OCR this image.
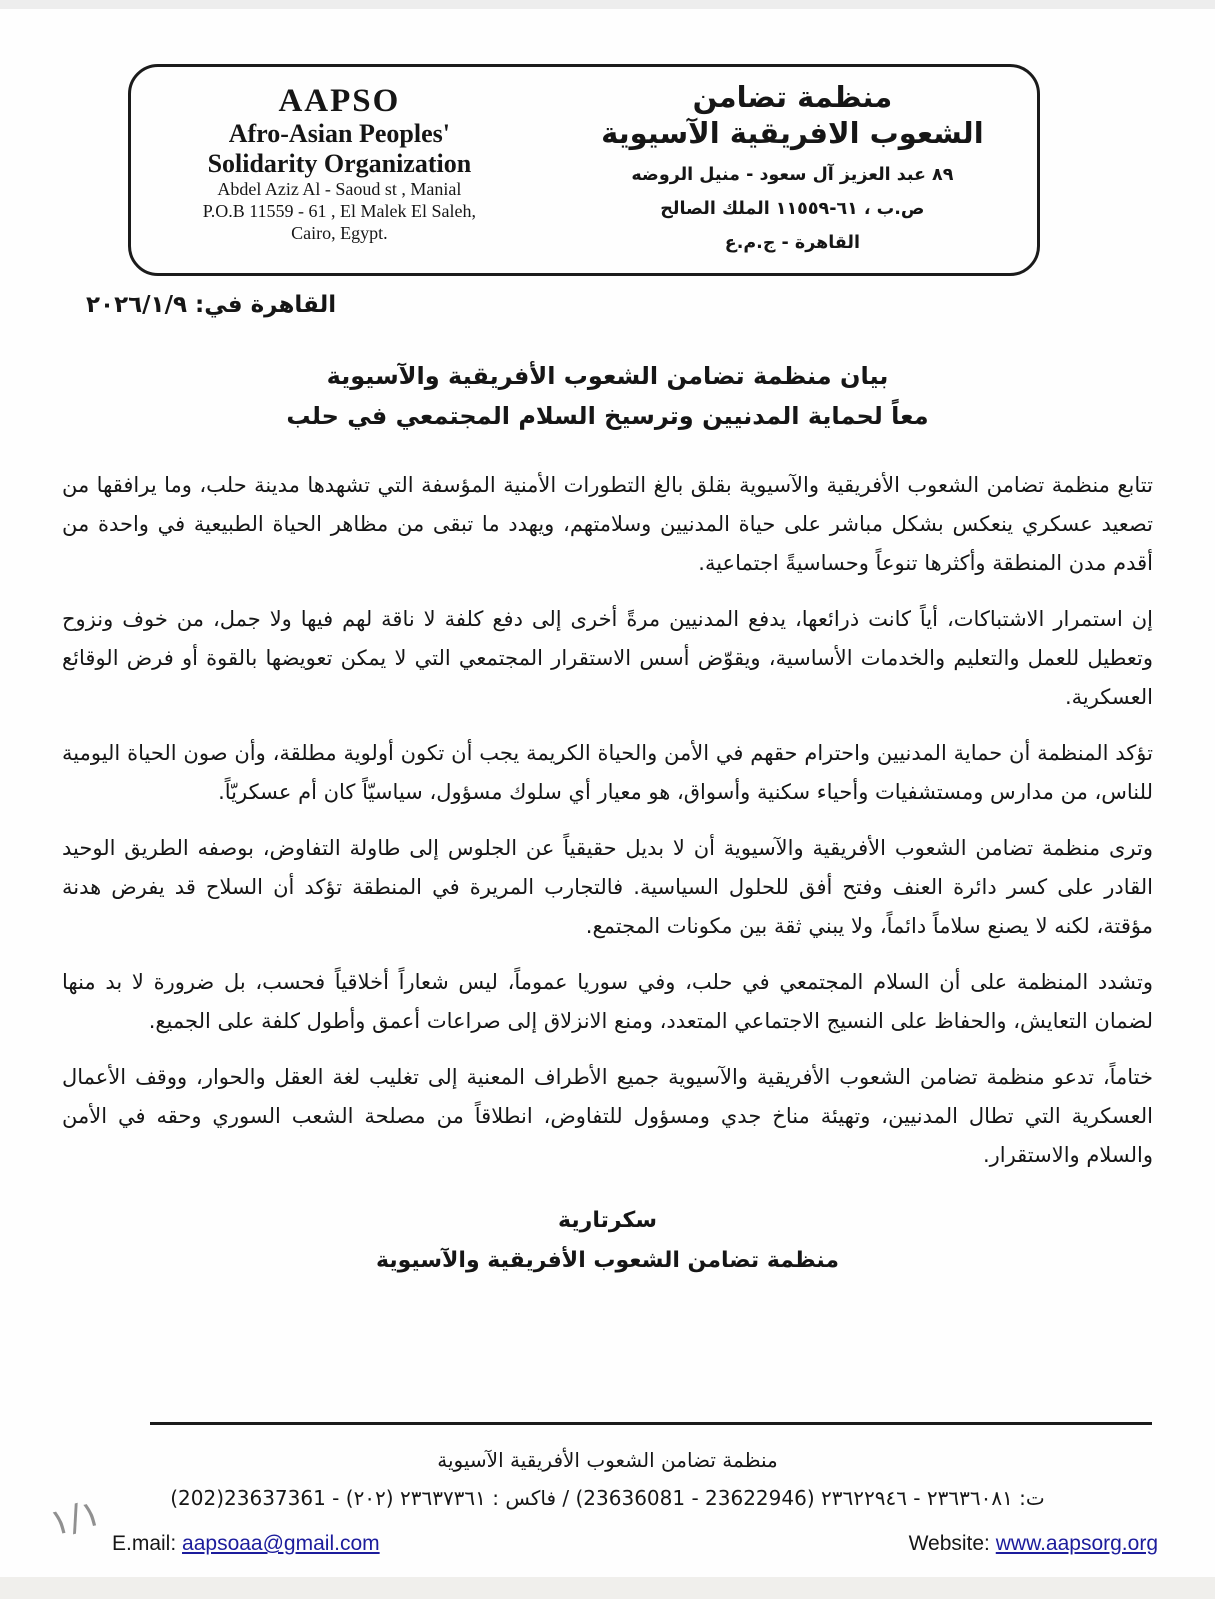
AAPSO
Afro-Asian Peoples'
Solidarity Organization
Abdel Aziz Al - Saoud st , Manial
P.O.B 11559 - 61 , El Malek El Saleh,
Cairo, Egypt.
منظمة تضامن
الشعوب الافريقية الآسيوية
٨٩ عبد العزيز آل سعود - منيل الروضه
ص.ب ، ٦١-١١٥٥٩ الملك الصالح
القاهرة - ج.م.ع
القاهرة في: ٢٠٢٦/١/٩
بيان منظمة تضامن الشعوب الأفريقية والآسيوية
معاً لحماية المدنيين وترسيخ السلام المجتمعي في حلب

تتابع منظمة تضامن الشعوب الأفريقية والآسيوية بقلق بالغ التطورات الأمنية المؤسفة التي تشهدها مدينة حلب، وما يرافقها من تصعيد عسكري ينعكس بشكل مباشر على حياة المدنيين وسلامتهم، ويهدد ما تبقى من مظاهر الحياة الطبيعية في واحدة من أقدم مدن المنطقة وأكثرها تنوعاً وحساسيةً اجتماعية.

إن استمرار الاشتباكات، أياً كانت ذرائعها، يدفع المدنيين مرةً أخرى إلى دفع كلفة لا ناقة لهم فيها ولا جمل، من خوف ونزوح وتعطيل للعمل والتعليم والخدمات الأساسية، ويقوّض أسس الاستقرار المجتمعي التي لا يمكن تعويضها بالقوة أو فرض الوقائع العسكرية.

تؤكد المنظمة أن حماية المدنيين واحترام حقهم في الأمن والحياة الكريمة يجب أن تكون أولوية مطلقة، وأن صون الحياة اليومية للناس، من مدارس ومستشفيات وأحياء سكنية وأسواق، هو معيار أي سلوك مسؤول، سياسيّاً كان أم عسكريّاً.

وترى منظمة تضامن الشعوب الأفريقية والآسيوية أن لا بديل حقيقياً عن الجلوس إلى طاولة التفاوض، بوصفه الطريق الوحيد القادر على كسر دائرة العنف وفتح أفق للحلول السياسية. فالتجارب المريرة في المنطقة تؤكد أن السلاح قد يفرض هدنة مؤقتة، لكنه لا يصنع سلاماً دائماً، ولا يبني ثقة بين مكونات المجتمع.

وتشدد المنظمة على أن السلام المجتمعي في حلب، وفي سوريا عموماً، ليس شعاراً أخلاقياً فحسب، بل ضرورة لا بد منها لضمان التعايش، والحفاظ على النسيج الاجتماعي المتعدد، ومنع الانزلاق إلى صراعات أعمق وأطول كلفة على الجميع.

ختاماً، تدعو منظمة تضامن الشعوب الأفريقية والآسيوية جميع الأطراف المعنية إلى تغليب لغة العقل والحوار، ووقف الأعمال العسكرية التي تطال المدنيين، وتهيئة مناخ جدي ومسؤول للتفاوض، انطلاقاً من مصلحة الشعب السوري وحقه في الأمن والسلام والاستقرار.

سكرتارية
منظمة تضامن الشعوب الأفريقية والآسيوية
منظمة تضامن الشعوب الأفريقية الآسيوية
ت: ٢٣٦٣٦٠٨١ - ٢٣٦٢٢٩٤٦ (23636081 - 23622946) / فاكس : ٢٣٦٣٧٣٦١ (٢٠٢) - (202)23637361
E.mail: aapsoaa@gmail.com	Website: www.aapsorg.org
١/١
